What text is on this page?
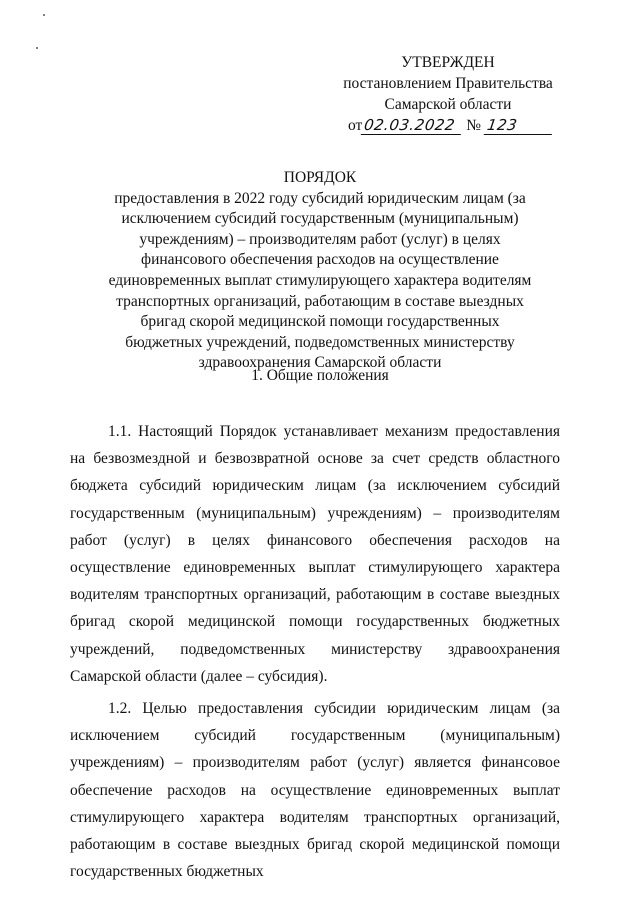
УТВЕРЖДЕН
постановлением Правительства
Самарской области
от02.03.2022 № 123
ПОРЯДОК
предоставления в 2022 году субсидий юридическим лицам (за исключением субсидий государственным (муниципальным) учреждениям) – производителям работ (услуг) в целях финансового обеспечения расходов на осуществление единовременных выплат стимулирующего характера водителям транспортных организаций, работающим в составе выездных бригад скорой медицинской помощи государственных бюджетных учреждений, подведомственных министерству здравоохранения Самарской области
1. Общие положения

1.1. Настоящий Порядок устанавливает механизм предоставления на безвозмездной и безвозвратной основе за счет средств областного бюджета субсидий юридическим лицам (за исключением субсидий государственным (муниципальным) учреждениям) – производителям работ (услуг) в целях финансового обеспечения расходов на осуществление единовременных выплат стимулирующего характера водителям транспортных организаций, работающим в составе выездных бригад скорой медицинской помощи государственных бюджетных учреждений, подведомственных министерству здравоохранения Самарской области (далее – субсидия).

1.2. Целью предоставления субсидии юридическим лицам (за исключением субсидий государственным (муниципальным) учреждениям) – производителям работ (услуг) является финансовое обеспечение расходов на осуществление единовременных выплат стимулирующего характера водителям транспортных организаций, работающим в составе выездных бригад скорой медицинской помощи государственных бюджетных
